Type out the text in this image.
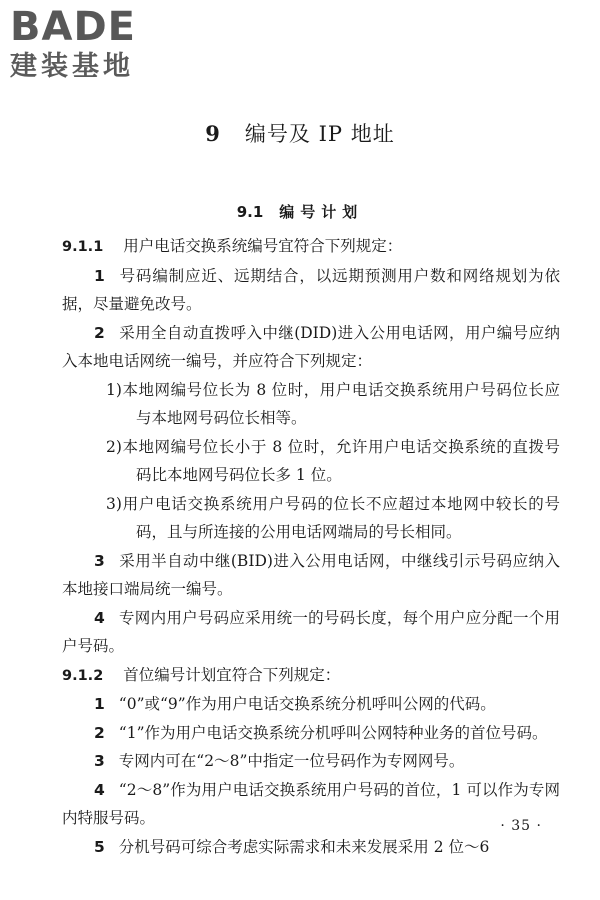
BADE
建装基地
9 编号及 IP 地址
9.1 编号计划

9.1.1 用户电话交换系统编号宜符合下列规定：

1 号码编制应近、远期结合，以远期预测用户数和网络规划为依据，尽量避免改号。

2 采用全自动直拨呼入中继(DID)进入公用电话网，用户编号应纳入本地电话网统一编号，并应符合下列规定：

1)本地网编号位长为 8 位时，用户电话交换系统用户号码位长应与本地网号码位长相等。

2)本地网编号位长小于 8 位时，允许用户电话交换系统的直拨号码比本地网号码位长多 1 位。

3)用户电话交换系统用户号码的位长不应超过本地网中较长的号码，且与所连接的公用电话网端局的号长相同。

3 采用半自动中继(BID)进入公用电话网，中继线引示号码应纳入本地接口端局统一编号。

4 专网内用户号码应采用统一的号码长度，每个用户应分配一个用户号码。

9.1.2 首位编号计划宜符合下列规定：

1 “0”或“9”作为用户电话交换系统分机呼叫公网的代码。

2 “1”作为用户电话交换系统分机呼叫公网特种业务的首位号码。

3 专网内可在“2～8”中指定一位号码作为专网网号。

4 “2～8”作为用户电话交换系统用户号码的首位，1 可以作为专网内特服号码。

5 分机号码可综合考虑实际需求和未来发展采用 2 位～6

· 35 ·
